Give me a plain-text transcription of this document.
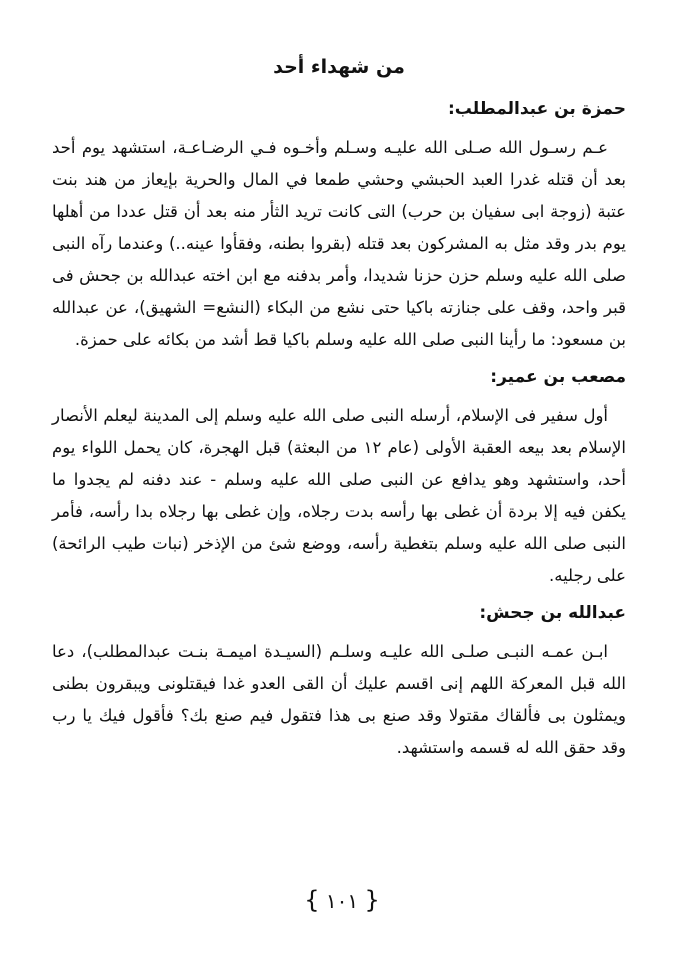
من شهداء أحد
حمزة بن عبدالمطلب:
عـم رسـول الله صـلى الله عليـه وسـلم وأخـوه فـي الرضـاعـة، استشهد يوم أحد بعد أن قتله غدرا العبد الحبشي وحشي طمعا في المال والحرية بإيعاز من هند بنت عتبة (زوجة ابى سفيان بن حرب) التى كانت تريد الثأر منه بعد أن قتل عددا من أهلها يوم بدر وقد مثل به المشركون بعد قتله (بقروا بطنه، وفقأوا عينه..) وعندما رآه النبى صلى الله عليه وسلم حزن حزنا شديدا، وأمر بدفنه مع ابن اخته عبدالله بن جحش فى قبر واحد، وقف على جنازته باكيا حتى نشع من البكاء (النشع= الشهيق)، عن عبدالله بن مسعود: ما رأينا النبى صلى الله عليه وسلم باكيا قط أشد من بكائه على حمزة.
مصعب بن عمير:
أول سفير فى الإسلام، أرسله النبى صلى الله عليه وسلم إلى المدينة ليعلم الأنصار الإسلام بعد بيعه العقبة الأولى (عام ١٢ من البعثة) قبل الهجرة، كان يحمل اللواء يوم أحد، واستشهد وهو يدافع عن النبى صلى الله عليه وسلم - عند دفنه لم يجدوا ما يكفن فيه إلا بردة أن غطى بها رأسه بدت رجلاه، وإن غطى بها رجلاه بدا رأسه، فأمر النبى صلى الله عليه وسلم بتغطية رأسه، ووضع شئ من الإذخر (نبات طيب الرائحة) على رجليه.
عبدالله بن جحش:
ابـن عمـه النبـى صلـى الله عليـه وسلـم (السيـدة اميمـة بنـت عبدالمطلب)، دعا الله قبل المعركة اللهم إنى اقسم عليك أن القى العدو غدا فيقتلونى ويبقرون بطنى ويمثلون بى فألقاك مقتولا وقد صنع بى هذا فتقول فيم صنع بك؟ فأقول فيك يا رب وقد حقق الله له قسمه واستشهد.
{ ١٠١ }
